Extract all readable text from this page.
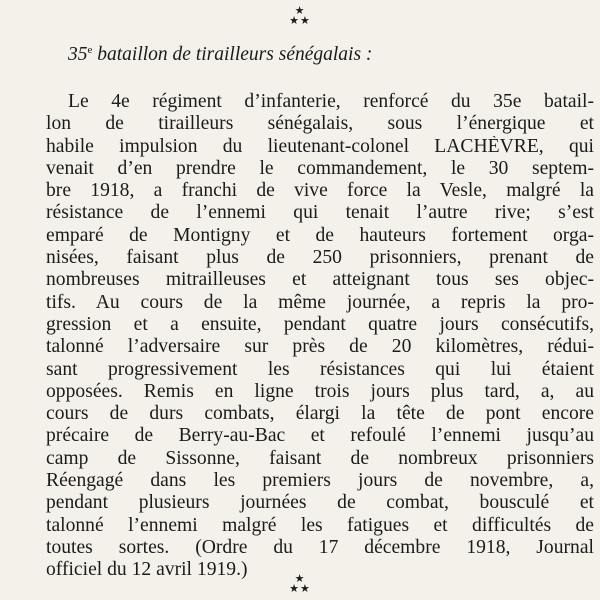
★
★★
35e bataillon de tirailleurs sénégalais :
Le 4e régiment d’infanterie, renforcé du 35e batail-
lon de tirailleurs sénégalais, sous l’énergique et
habile impulsion du lieutenant-colonel LACHÈVRE, qui
venait d’en prendre le commandement, le 30 septem-
bre 1918, a franchi de vive force la Vesle, malgré la
résistance de l’ennemi qui tenait l’autre rive; s’est
emparé de Montigny et de hauteurs fortement orga-
nisées, faisant plus de 250 prisonniers, prenant de
nombreuses mitrailleuses et atteignant tous ses objec-
tifs. Au cours de la même journée, a repris la pro-
gression et a ensuite, pendant quatre jours consécutifs,
talonné l’adversaire sur près de 20 kilomètres, rédui-
sant progressivement les résistances qui lui étaient
opposées. Remis en ligne trois jours plus tard, a, au
cours de durs combats, élargi la tête de pont encore
précaire de Berry-au-Bac et refoulé l’ennemi jusqu’au
camp de Sissonne, faisant de nombreux prisonniers
Réengagé dans les premiers jours de novembre, a,
pendant plusieurs journées de combat, bousculé et
talonné l’ennemi malgré les fatigues et difficultés de
toutes sortes. (Ordre du 17 décembre 1918, Journal
officiel du 12 avril 1919.)	★
★★
